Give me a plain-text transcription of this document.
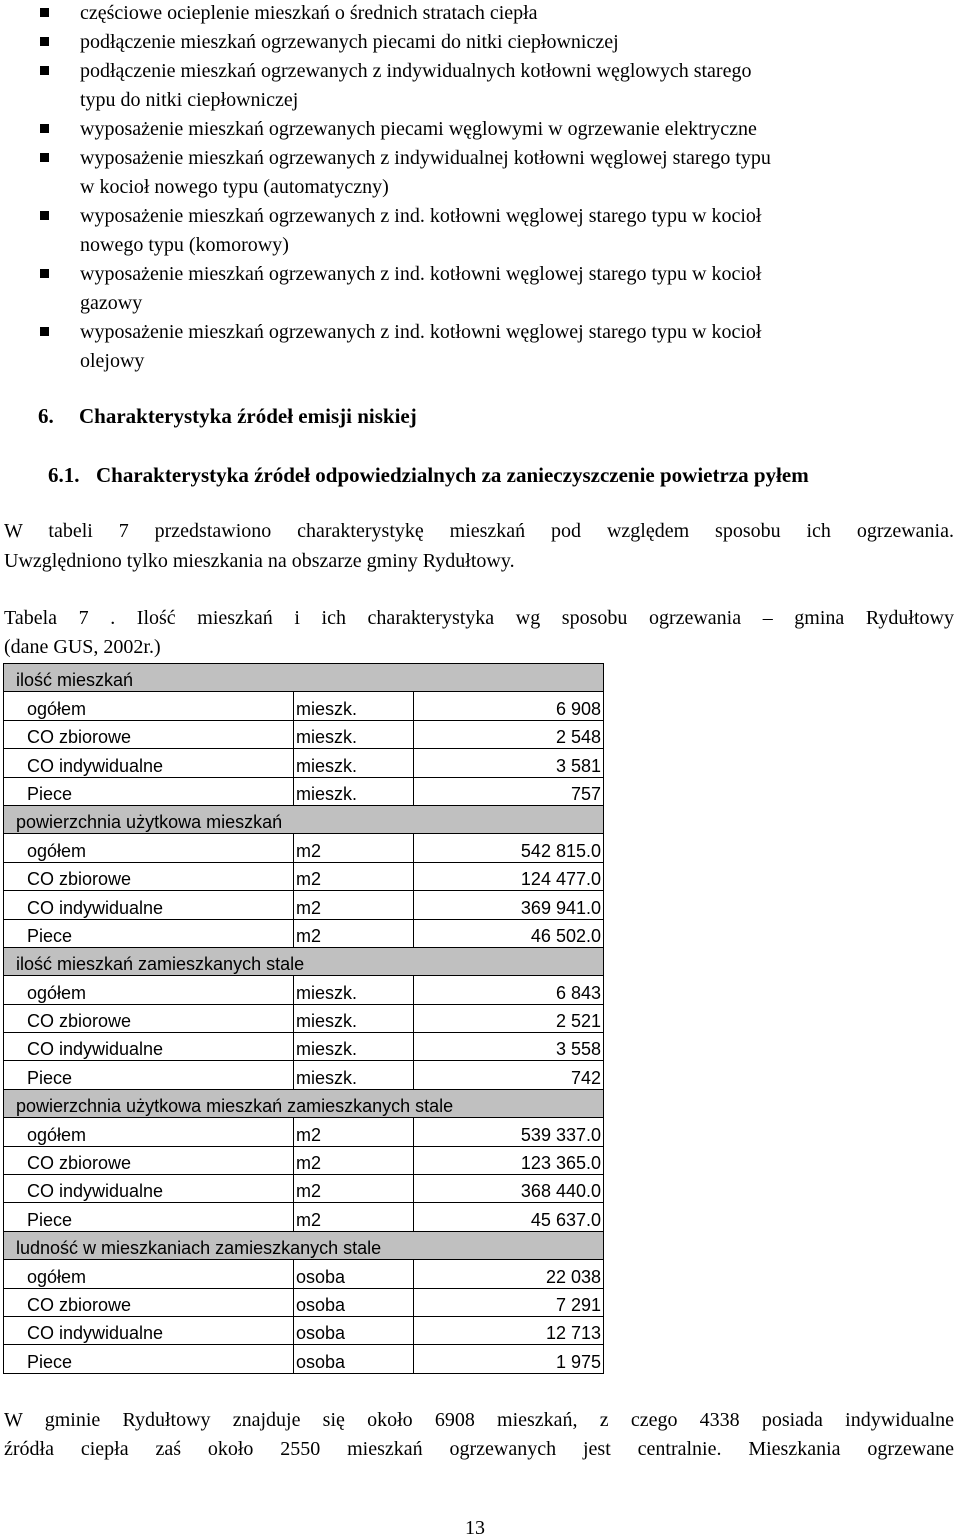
częściowe ocieplenie mieszkań o średnich stratach ciepła
podłączenie mieszkań ogrzewanych piecami do nitki ciepłowniczej
podłączenie mieszkań ogrzewanych z indywidualnych kotłowni węglowych starego
typu do nitki ciepłowniczej
wyposażenie mieszkań ogrzewanych piecami węglowymi w ogrzewanie elektryczne
wyposażenie mieszkań ogrzewanych z indywidualnej kotłowni węglowej starego typu
w kocioł nowego typu (automatyczny)
wyposażenie mieszkań ogrzewanych z ind. kotłowni węglowej starego typu w kocioł
nowego typu (komorowy)
wyposażenie mieszkań ogrzewanych z ind. kotłowni węglowej starego typu w kocioł
gazowy
wyposażenie mieszkań ogrzewanych z ind. kotłowni węglowej starego typu w kocioł
olejowy
6. Charakterystyka źródeł emisji niskiej
6.1. Charakterystyka źródeł odpowiedzialnych za zanieczyszczenie powietrza pyłem
W tabeli 7 przedstawiono charakterystykę mieszkań pod względem sposobu ich ogrzewania.
Uwzględniono tylko mieszkania na obszarze gminy Rydułtowy.
Tabela 7 . Ilość mieszkań i ich charakterystyka wg sposobu ogrzewania – gmina Rydułtowy
(dane GUS, 2002r.)
ilość mieszkań		
ogółem	mieszk.	6 908
CO zbiorowe	mieszk.	2 548
CO indywidualne	mieszk.	3 581
Piece	mieszk.	757
powierzchnia użytkowa mieszkań		
ogółem	m2	542 815.0
CO zbiorowe	m2	124 477.0
CO indywidualne	m2	369 941.0
Piece	m2	46 502.0
ilość mieszkań zamieszkanych stale		
ogółem	mieszk.	6 843
CO zbiorowe	mieszk.	2 521
CO indywidualne	mieszk.	3 558
Piece	mieszk.	742
powierzchnia użytkowa mieszkań zamieszkanych stale		
ogółem	m2	539 337.0
CO zbiorowe	m2	123 365.0
CO indywidualne	m2	368 440.0
Piece	m2	45 637.0
ludność w mieszkaniach zamieszkanych stale		
ogółem	osoba	22 038
CO zbiorowe	osoba	7 291
CO indywidualne	osoba	12 713
Piece	osoba	1 975
W gminie Rydułtowy znajduje się około 6908 mieszkań, z czego 4338 posiada indywidualne
źródła ciepła zaś około 2550 mieszkań ogrzewanych jest centralnie. Mieszkania ogrzewane
13
